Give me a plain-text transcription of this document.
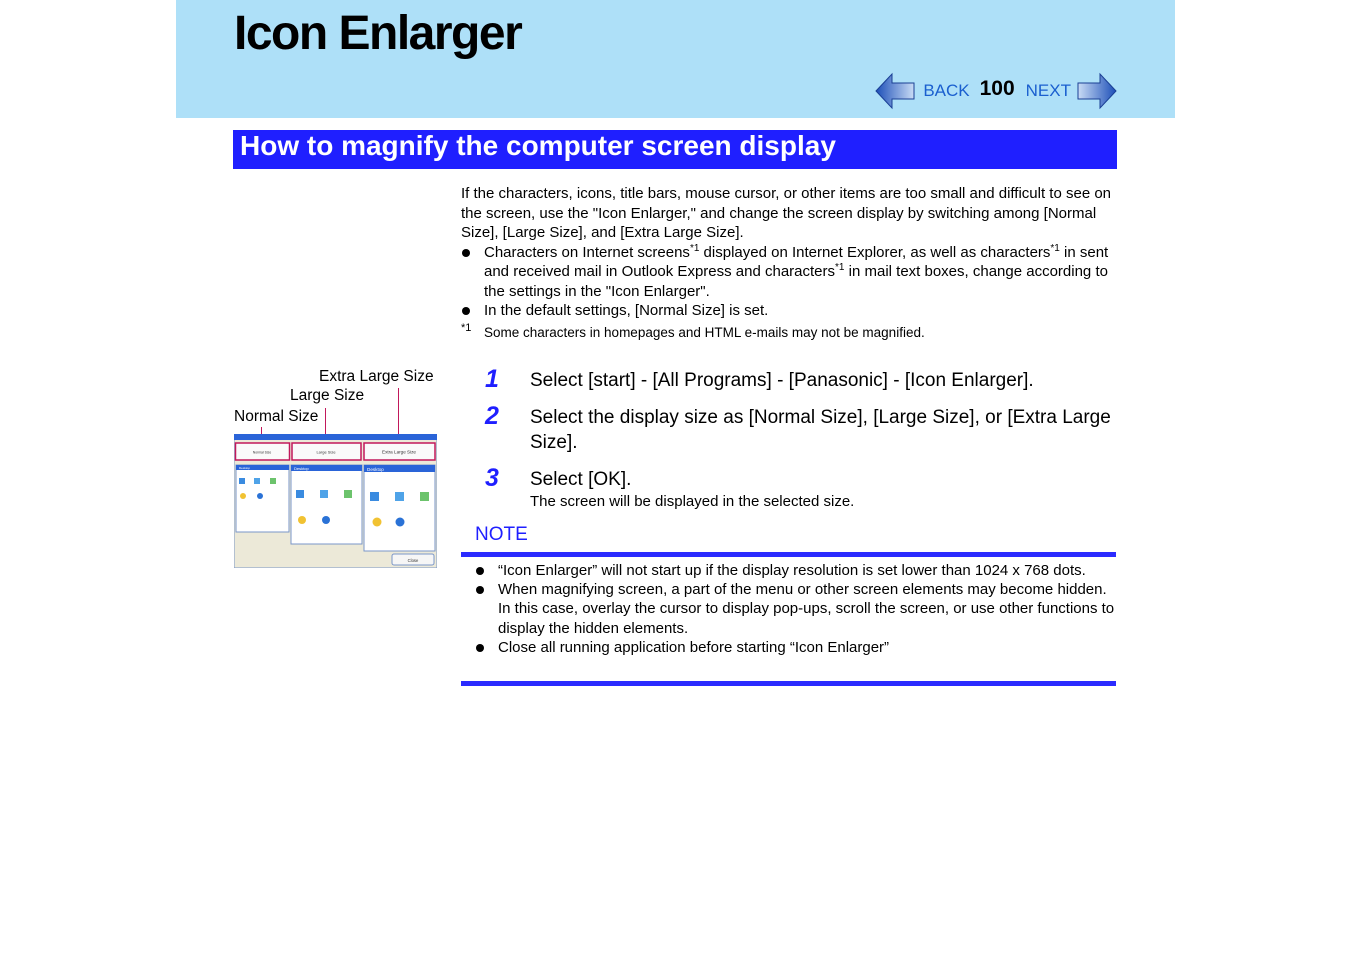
Icon Enlarger
BACK 100 NEXT
How to magnify the computer screen display

If the characters, icons, title bars, mouse cursor, or other items are too small and difficult to see on the screen, use the "Icon Enlarger," and change the screen display by switching among [Normal Size], [Large Size], and [Extra Large Size].

Characters on Internet screens$^{*1}$ displayed on Internet Explorer, as well as characters$^{*1}$ in sent and received mail in Outlook Express and characters$^{*1}$ in mail text boxes, change according to the settings in the "Icon Enlarger".
In the default settings, [Normal Size] is set.
*1 Some characters in homepages and HTML e-mails may not be magnified.
Extra Large Size
Large Size
Normal Size
Normal Size	Large Size	Extra Large Size
Desktop	Desktop	Desktop
Close
1	Select [start] - [All Programs] - [Panasonic] - [Icon Enlarger].
2	Select the display size as [Normal Size], [Large Size], or [Extra Large Size].
3	Select [OK].
The screen will be displayed in the selected size.
NOTE
“Icon Enlarger” will not start up if the display resolution is set lower than 1024 x 768 dots.
When magnifying screen, a part of the menu or other screen elements may become hidden. In this case, overlay the cursor to display pop-ups, scroll the screen, or use other functions to display the hidden elements.
Close all running application before starting “Icon Enlarger”
